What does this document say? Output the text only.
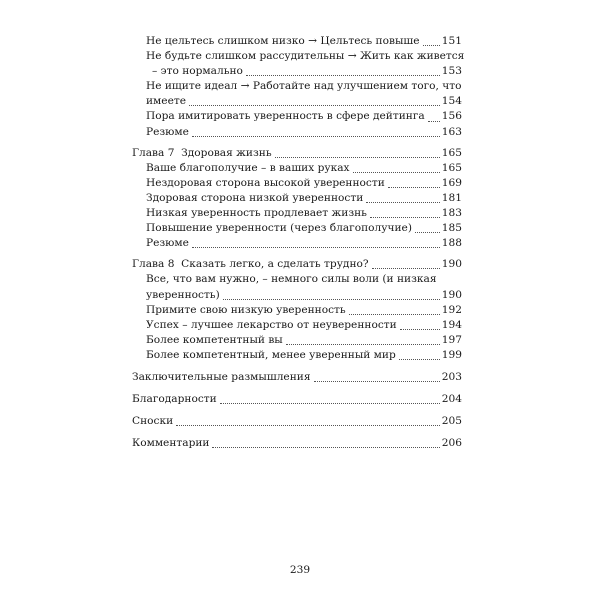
Не цельтесь слишком низко → Цельтесь повыше 151
Не будьте слишком рассудительны → Жить как живется
– это нормально	153
Не ищите идеал → Работайте над улучшением того, что
имеете	154
Пора имитировать уверенность в сфере дейтинга 156
Резюме	163
Глава 7  Здоровая жизнь	165
Ваше благополучие – в ваших руках	165
Нездоровая сторона высокой уверенности	169
Здоровая сторона низкой уверенности	181
Низкая уверенность продлевает жизнь	183
Повышение уверенности (через благополучие)	185
Резюме	188
Глава 8  Сказать легко, а сделать трудно?	190
Все, что вам нужно, – немного силы воли (и низкая
уверенность)	190
Примите свою низкую уверенность	192
Успех – лучшее лекарство от неуверенности	194
Более компетентный вы	197
Более компетентный, менее уверенный мир	199
Заключительные размышления	203
Благодарности	204
Сноски	205
Комментарии	206
239
